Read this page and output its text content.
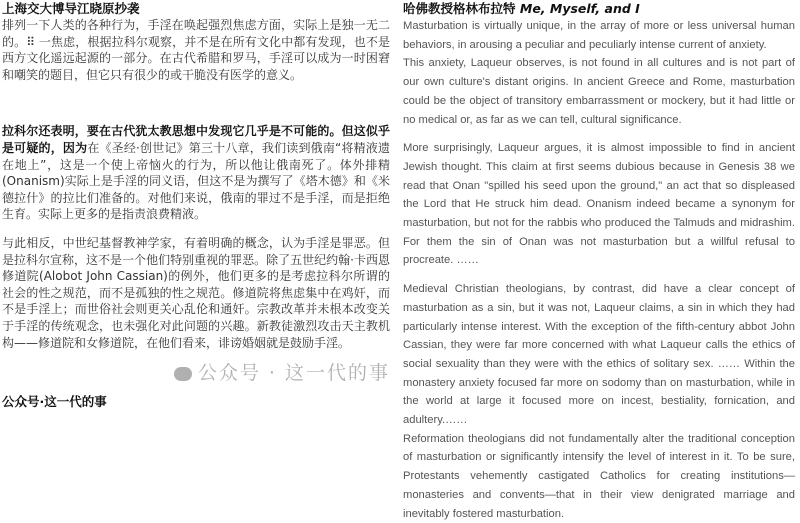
上海交大博导江晓原抄袭
排列一下人类的各种行为，手淫在唤起强烈焦虑方面，实际上是独一无二的。⠿ 一焦虑，根据拉科尔观察，并不是在所有文化中都有发现，也不是西方文化遥远起源的一部分。在古代希腊和罗马，手淫可以成为一时困窘和嘲笑的题目，但它只有很少的或干脆没有医学的意义。
拉科尔还表明，要在古代犹太教思想中发现它几乎是不可能的。但这似乎是可疑的，因为在《圣经·创世记》第三十八章，我们读到俄南“将精液遗在地上”，这是一个使上帝恼火的行为，所以他让俄南死了。体外排精(Onanism)实际上是手淫的同义语，但这不是为撰写了《塔木德》和《米德拉什》的拉比们准备的。对他们来说，俄南的罪过不是手淫，而是拒绝生育。实际上更多的是指责浪费精液。
与此相反，中世纪基督教神学家，有着明确的概念，认为手淫是罪恶。但是拉科尔宣称，这不是一个他们特别重视的罪恶。除了五世纪约翰·卡西恩修道院(Alobot John Cassian)的例外，他们更多的是考虑拉科尔所谓的社会的性之规范，而不是孤独的性之规范。修道院将焦虑集中在鸡奸，而不是手淫上；而世俗社会则更关心乱伦和通奸。宗教改革并未根本改变关于手淫的传统观念，也未强化对此问题的兴趣。新教徒激烈攻击天主教机构——修道院和女修道院，在他们看来，诽谤婚姻就是鼓励手淫。
公众号 · 这一代的事
公众号·这一代的事
哈佛教授格林布拉特 Me, Myself, and I
Masturbation is virtually unique, in the array of more or less universal human behaviors, in arousing a peculiar and peculiarly intense current of anxiety.
This anxiety, Laqueur observes, is not found in all cultures and is not part of our own culture's distant origins. In ancient Greece and Rome, masturbation could be the object of transitory embarrassment or mockery, but it had little or no medical or, as far as we can tell, cultural significance.
More surprisingly, Laqueur argues, it is almost impossible to find in ancient Jewish thought. This claim at first seems dubious because in Genesis 38 we read that Onan "spilled his seed upon the ground," an act that so displeased the Lord that He struck him dead. Onanism indeed became a synonym for masturbation, but not for the rabbis who produced the Talmuds and midrashim. For them the sin of Onan was not masturbation but a willful refusal to procreate. ……
Medieval Christian theologians, by contrast, did have a clear concept of masturbation as a sin, but it was not, Laqueur claims, a sin in which they had particularly intense interest. With the exception of the fifth-century abbot John Cassian, they were far more concerned with what Laqueur calls the ethics of social sexuality than they were with the ethics of solitary sex. …… Within the monastery anxiety focused far more on sodomy than on masturbation, while in the world at large it focused more on incest, bestiality, fornication, and adultery.……
Reformation theologians did not fundamentally alter the traditional conception of masturbation or significantly intensify the level of interest in it. To be sure, Protestants vehemently castigated Catholics for creating institutions—monasteries and convents—that in their view denigrated marriage and inevitably fostered masturbation.
